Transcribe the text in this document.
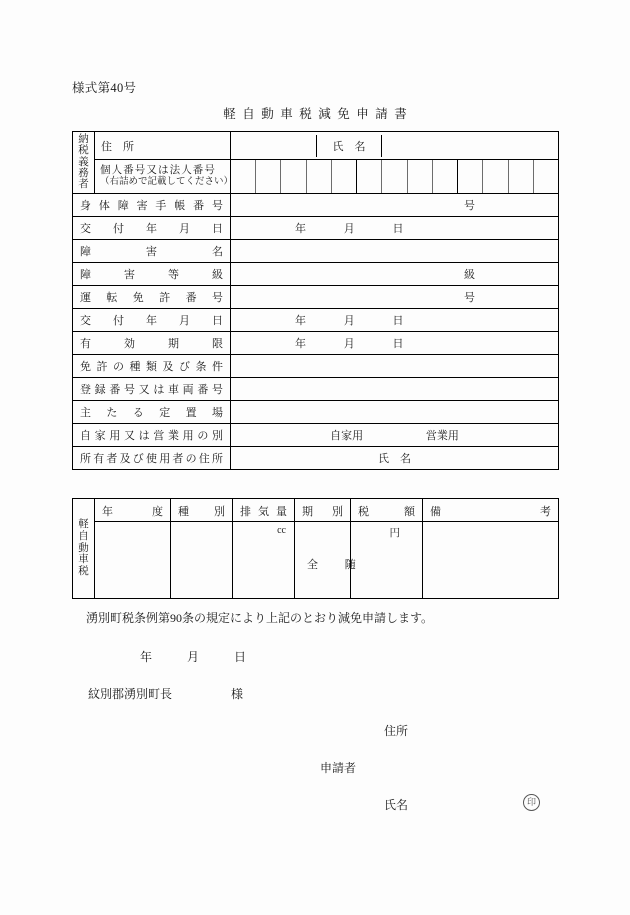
様式第40号
軽自動車税減免申請書
納
税
義
務
者
	住　所	
		氏　名	

個人番号又は法人番号
（右詰めで記載してください）

身体障害手帳番号	号

交付年月日	年	月	日

障害名	
障害等級	級

運転免許番号	号

交付年月日	年	月	日

有効期限	年	月	日

免許の種類及び条件	
登録番号又は車両番号	
主たる定置場	
自家用又は営業用の別	自家用	営業用

所有者及び使用者の住所	氏　名
軽
自
動
車
税	年　度	種　別	排気量	期　別	税　額	備　考

			cc	全 随	円	

湧別町税条例第90条の規定により上記のとおり減免申請します。
年	月	日
紋別郡湧別町長	様
住所
申請者
氏名	印
